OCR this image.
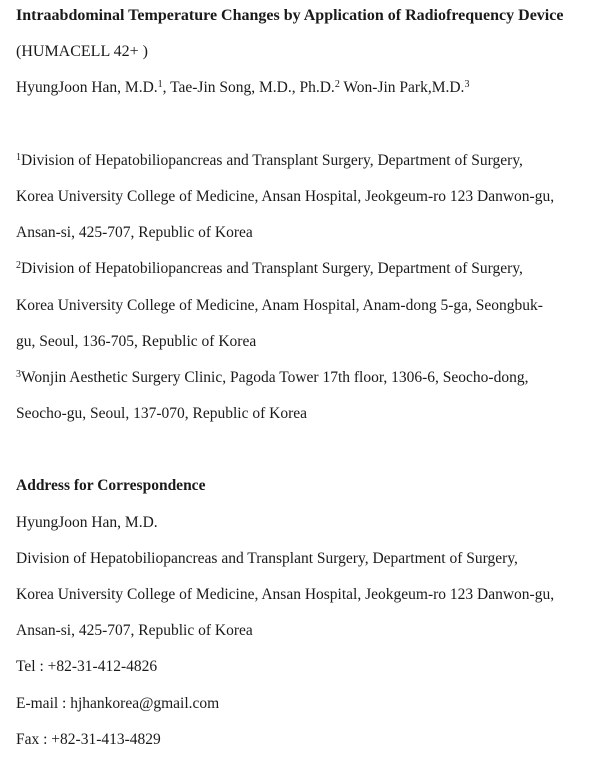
Intraabdominal Temperature Changes by Application of Radiofrequency Device
(HUMACELL 42+ )
HyungJoon Han, M.D.$^1$, Tae-Jin Song, M.D., Ph.D.$^2$ Won-Jin Park,M.D.$^3$
$^1$Division of Hepatobiliopancreas and Transplant Surgery, Department of Surgery,
Korea University College of Medicine, Ansan Hospital, Jeokgeum-ro 123 Danwon-gu,
Ansan-si, 425-707, Republic of Korea
$^2$Division of Hepatobiliopancreas and Transplant Surgery, Department of Surgery,
Korea University College of Medicine, Anam Hospital, Anam-dong 5-ga, Seongbuk-
gu, Seoul, 136-705, Republic of Korea
$^3$Wonjin Aesthetic Surgery Clinic, Pagoda Tower 17th floor, 1306-6, Seocho-dong,
Seocho-gu, Seoul, 137-070, Republic of Korea
Address for Correspondence
HyungJoon Han, M.D.
Division of Hepatobiliopancreas and Transplant Surgery, Department of Surgery,
Korea University College of Medicine, Ansan Hospital, Jeokgeum-ro 123 Danwon-gu,
Ansan-si, 425-707, Republic of Korea
Tel : +82-31-412-4826
E-mail : hjhankorea@gmail.com
Fax : +82-31-413-4829
